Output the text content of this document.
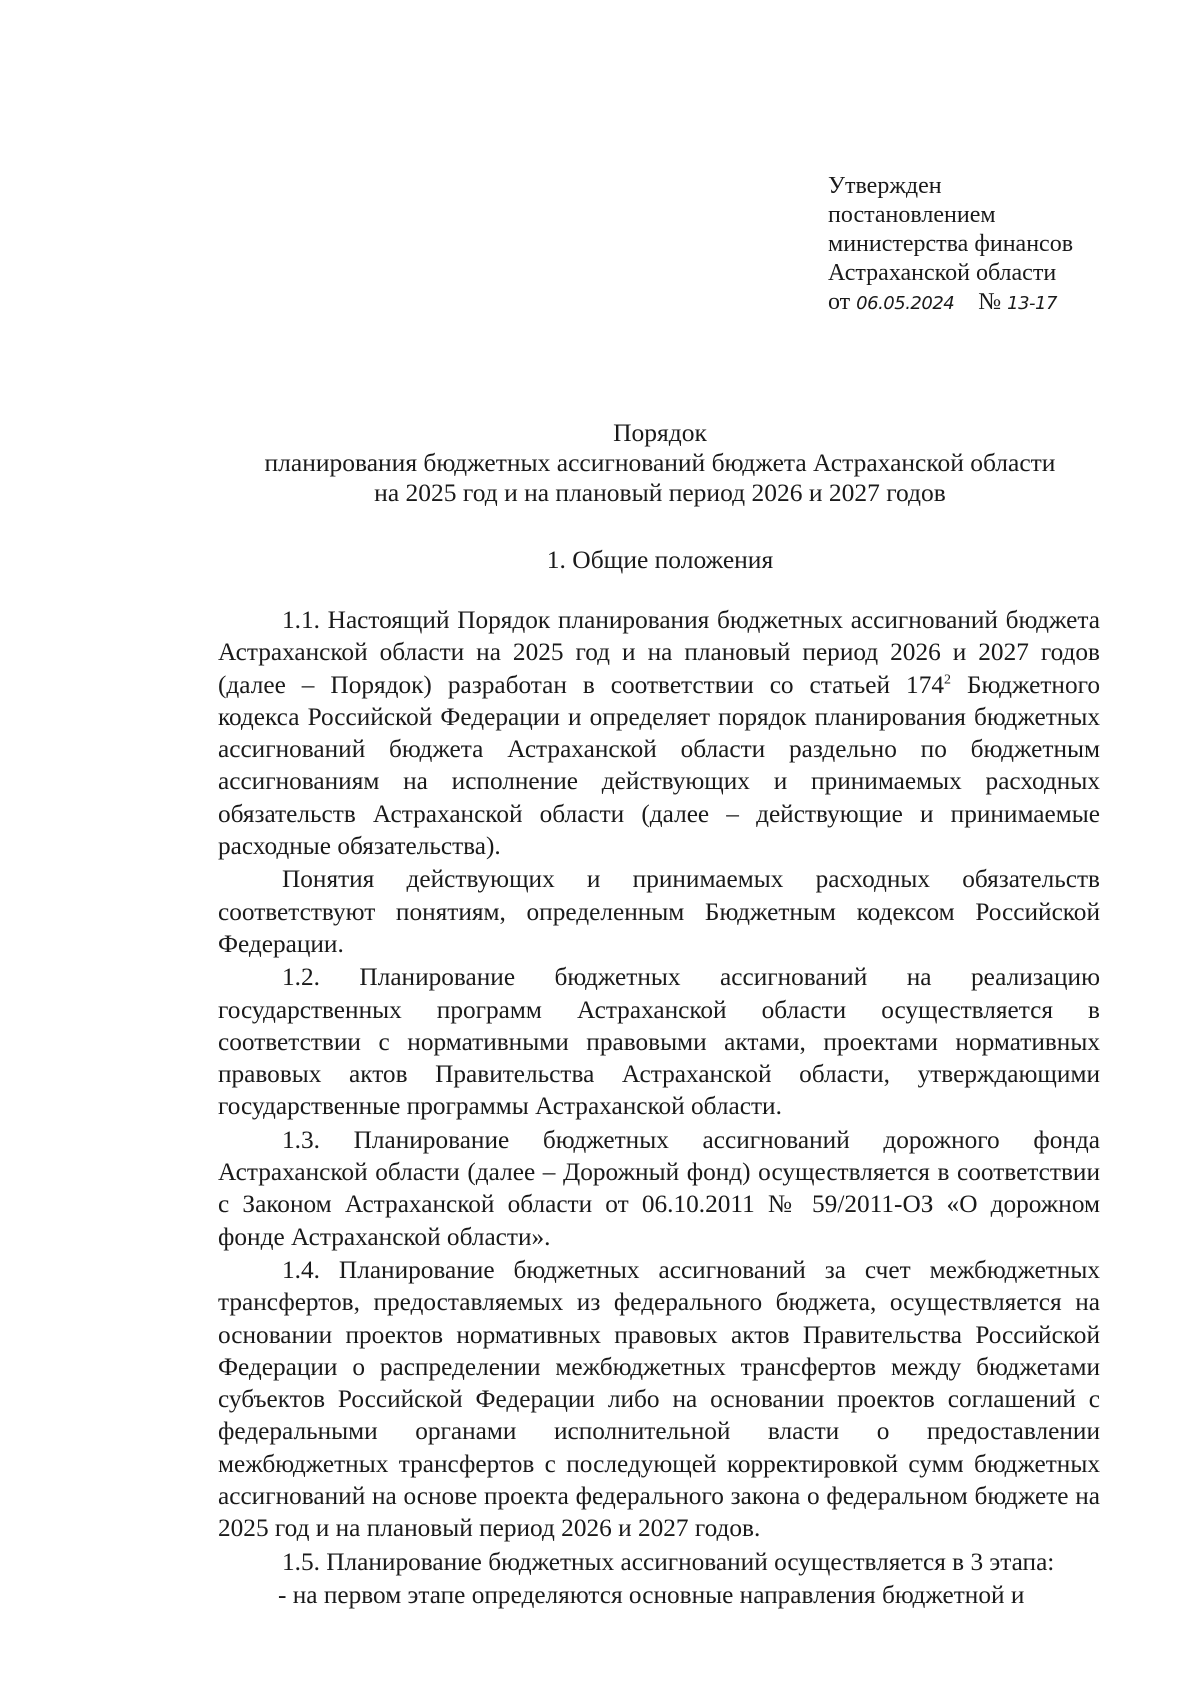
Утвержден
постановлением
министерства финансов
Астраханской области
от 06.05.2024 № 13-17
Порядок
планирования бюджетных ассигнований бюджета Астраханской области
на 2025 год и на плановый период 2026 и 2027 годов
1. Общие положения

1.1. Настоящий Порядок планирования бюджетных ассигнований бюджета Астраханской области на 2025 год и на плановый период 2026 и 2027 годов (далее – Порядок) разработан в соответствии со статьей $174^2$ Бюджетного кодекса Российской Федерации и определяет порядок планирования бюджетных ассигнований бюджета Астраханской области раздельно по бюджетным ассигнованиям на исполнение действующих и принимаемых расходных обязательств Астраханской области (далее – действующие и принимаемые расходные обязательства).

Понятия действующих и принимаемых расходных обязательств соответствуют понятиям, определенным Бюджетным кодексом Российской Федерации.

1.2. Планирование бюджетных ассигнований на реализацию государственных программ Астраханской области осуществляется в соответствии с нормативными правовыми актами, проектами нормативных правовых актов Правительства Астраханской области, утверждающими государственные программы Астраханской области.

1.3. Планирование бюджетных ассигнований дорожного фонда Астраханской области (далее – Дорожный фонд) осуществляется в соответствии с Законом Астраханской области от 06.10.2011 № 59/2011-ОЗ «О дорожном фонде Астраханской области».

1.4. Планирование бюджетных ассигнований за счет межбюджетных трансфертов, предоставляемых из федерального бюджета, осуществляется на основании проектов нормативных правовых актов Правительства Российской Федерации о распределении межбюджетных трансфертов между бюджетами субъектов Российской Федерации либо на основании проектов соглашений с федеральными органами исполнительной власти о предоставлении межбюджетных трансфертов с последующей корректировкой сумм бюджетных ассигнований на основе проекта федерального закона о федеральном бюджете на 2025 год и на плановый период 2026 и 2027 годов.

1.5. Планирование бюджетных ассигнований осуществляется в 3 этапа:

- на первом этапе определяются основные направления бюджетной и
